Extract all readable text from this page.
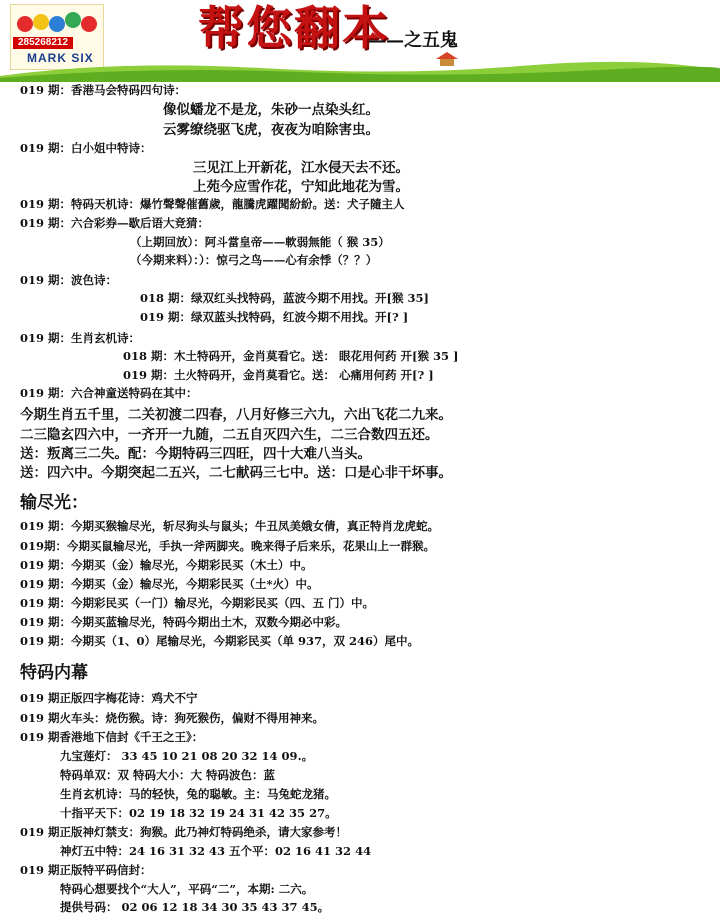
285268212
MARK SIX
帮您翻本
——之五鬼
019 期：香港马会特码四句诗：
像似蟠龙不是龙，朱砂一点染头红。
云雾缭绕驱飞虎，夜夜为咱除害虫。
019 期：白小姐中特诗：
三见江上开新花，江水侵天去不还。
上苑今应雪作花，宁知此地花为雪。
019 期：特码天机诗：爆竹聲聲催舊歲，龍騰虎躍聞紛紛。送：犬子隨主人
019 期：六合彩券—歇后语大竞猜：
（上期回放）：阿斗當皇帝——軟弱無能（ 猴 35）
（今期来料）：）：惊弓之鸟——心有余悸（？？）
019 期：波色诗：
018 期：绿双红头找特码，蓝波今期不用找。开[猴 35]
019 期：绿双蓝头找特码，红波今期不用找。开[? ]
019 期：生肖玄机诗：
018 期：木土特码开，金肖莫看它。送： 眼花用何药 开[猴 35 ]
019 期：土火特码开，金肖莫看它。送： 心痛用何药 开[? ]
019 期：六合神童送特码在其中：
今期生肖五千里，二关初渡二四春，八月好修三六九，六出飞花二九来。
二三隐玄四六中，一齐开一九随，二五自灭四六生，二三合数四五还。
送：叛离三二失。配：今期特码三四旺，四十大难八当头。
送：四六中。今期突起二五兴，二七献码三七中。送：口是心非干坏事。
输尽光：
019 期：今期买猴输尽光，斩尽狗头与鼠头；牛丑凤美娥女倩，真正特肖龙虎蛇。
019期：今期买鼠输尽光，手执一斧两脚夹。晚来得子后来乐，花果山上一群猴。
019 期：今期买（金）输尽光，今期彩民买（木土）中。
019 期：今期买（金）输尽光，今期彩民买（土*火）中。
019 期：今期彩民买（一门）输尽光，今期彩民买（四、五 门）中。
019 期：今期买蓝输尽光，特码今期出土木，双数今期必中彩。
019 期：今期买（1、0）尾输尽光，今期彩民买（单 937，双 246）尾中。
特码内幕
019 期正版四字梅花诗：鸡犬不宁
019 期火车头：烧伤猴。诗：狗死猴伤，偏财不得用神来。
019 期香港地下信封《千王之王》：
九宝莲灯： 33 45 10 21 08 20 32 14 09.。
特码单双：双 特码大小：大 特码波色：蓝
生肖玄机诗：马的轻快，兔的聪敏。主：马兔蛇龙猪。
十指平天下：02 19 18 32 19 24 31 42 35 27。
019 期正版神灯禁支：狗猴。此乃神灯特码绝杀，请大家参考！
神灯五中特：24 16 31 32 43 五个平：02 16 41 32 44
019 期正版特平码信封：
特码心想要找个“大人”，平码“二”，本期: 二六。
提供号码： 02 06 12 18 34 30 35 43 37 45。
